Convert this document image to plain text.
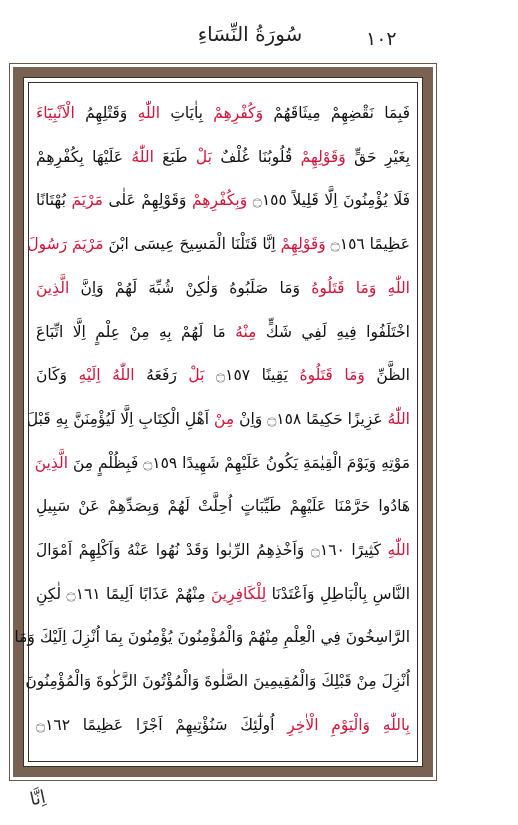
١٠٢
سُورَةُ النِّسَاءِ
فَبِمَا نَقْضِهِمْ مِيثَاقَهُمْ وَكُفْرِهِمْ بِاٰيَاتِ اللّٰهِ وَقَتْلِهِمُ الْاَنْبِيَٓاءَ
بِغَيْرِ حَقٍّ وَقَوْلِهِمْ قُلُوبُنَا غُلْفٌ بَلْ طَبَعَ اللّٰهُ عَلَيْهَا بِكُفْرِهِمْ
فَلَا يُؤْمِنُونَ اِلَّا قَلِيلاً ۝١٥٥ وَبِكُفْرِهِمْ وَقَوْلِهِمْ عَلٰى مَرْيَمَ بُهْتَانًا
عَظِيمًا ۝١٥٦ وَقَوْلِهِمْ اِنَّا قَتَلْنَا الْمَسِيحَ عِيسَى ابْنَ مَرْيَمَ رَسُولَ
اللّٰهِ وَمَا قَتَلُوهُ وَمَا صَلَبُوهُ وَلٰكِنْ شُبِّهَ لَهُمْ وَاِنَّ الَّذِينَ
اخْتَلَفُوا فِيهِ لَفِي شَكٍّ مِنْهُ مَا لَهُمْ بِهِ مِنْ عِلْمٍ اِلَّا اتِّبَاعَ
الظَّنِّ وَمَا قَتَلُوهُ يَقِينًا ۝١٥٧ بَلْ رَفَعَهُ اللّٰهُ اِلَيْهِ وَكَانَ
اللّٰهُ عَزِيزًا حَكِيمًا ۝١٥٨ وَاِنْ مِنْ اَهْلِ الْكِتَابِ اِلَّا لَيُؤْمِنَنَّ بِهِ قَبْلَ
مَوْتِهِ وَيَوْمَ الْقِيٰمَةِ يَكُونُ عَلَيْهِمْ شَهِيدًا ۝١٥٩ فَبِظُلْمٍ مِنَ الَّذِينَ
هَادُوا حَرَّمْنَا عَلَيْهِمْ طَيِّبَاتٍ اُحِلَّتْ لَهُمْ وَبِصَدِّهِمْ عَنْ سَبِيلِ
اللّٰهِ كَثِيرًا ۝١٦٠ وَاَخْذِهِمُ الرِّبٰوا وَقَدْ نُهُوا عَنْهُ وَاَكْلِهِمْ اَمْوَالَ
النَّاسِ بِالْبَاطِلِ وَاَعْتَدْنَا لِلْكَافِرِينَ مِنْهُمْ عَذَابًا اَلِيمًا ۝١٦١ لٰكِنِ
الرَّاسِخُونَ فِي الْعِلْمِ مِنْهُمْ وَالْمُؤْمِنُونَ يُؤْمِنُونَ بِمَا اُنْزِلَ اِلَيْكَ وَمَا
اُنْزِلَ مِنْ قَبْلِكَ وَالْمُقِيمِينَ الصَّلٰوةَ وَالْمُؤْتُونَ الزَّكٰوةَ وَالْمُؤْمِنُونَ
بِاللّٰهِ وَالْيَوْمِ الْاٰخِرِ اُولٰٓئِكَ سَنُؤْتِيهِمْ اَجْرًا عَظِيمًا ۝١٦٢
اِنَّا
